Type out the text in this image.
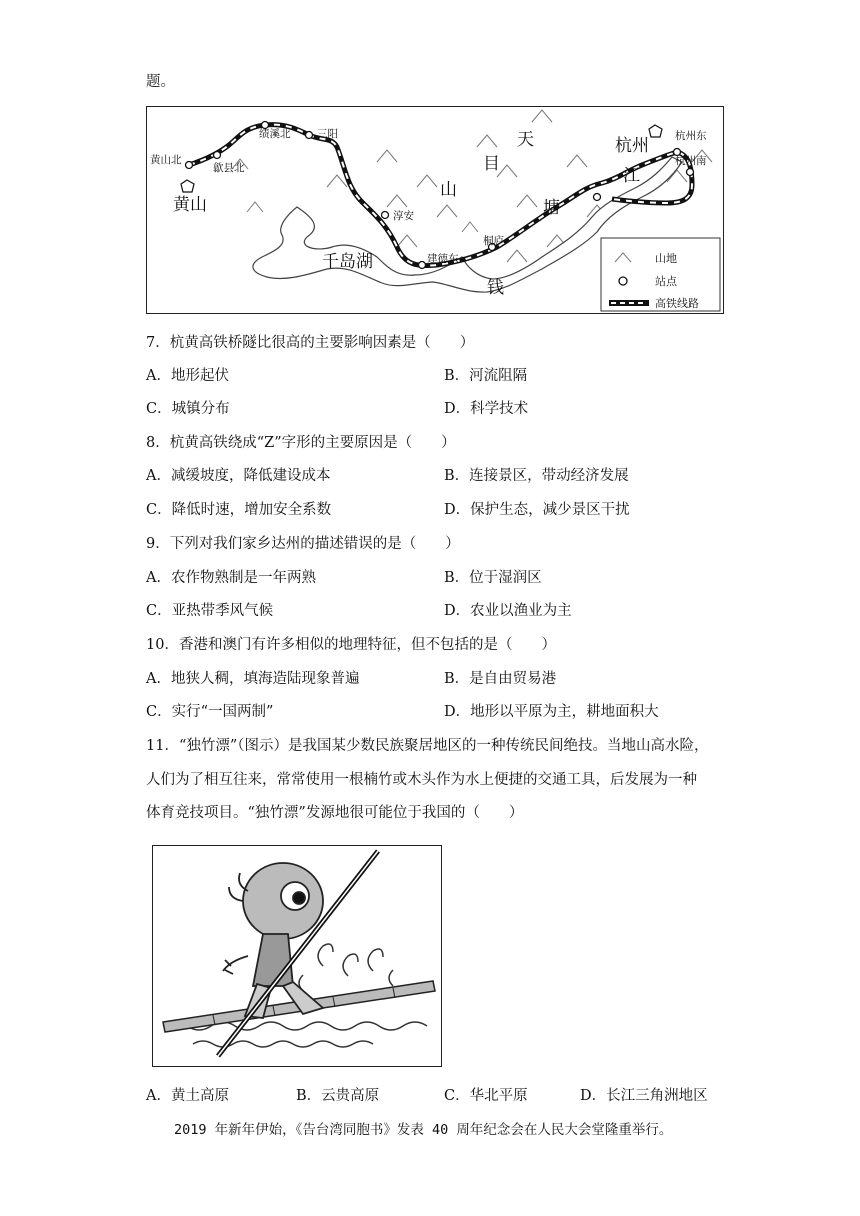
题。
黄山北
歙县北
绩溪北	三阳
淳安
建德东
桐庐
杭州东
杭州南
黄山
千岛湖
杭州
天
目
山
钱
塘
江
山地
站点
高铁线路
7．杭黄高铁桥隧比很高的主要影响因素是（　　）
A．地形起伏	B．河流阻隔
C．城镇分布	D．科学技术
8．杭黄高铁绕成“Z”字形的主要原因是（　　）
A．减缓坡度，降低建设成本	B．连接景区，带动经济发展
C．降低时速，增加安全系数	D．保护生态，减少景区干扰
9．下列对我们家乡达州的描述错误的是（　　）
A．农作物熟制是一年两熟	B．位于湿润区
C．亚热带季风气候	D．农业以渔业为主
10．香港和澳门有许多相似的地理特征，但不包括的是（　　）
A．地狭人稠，填海造陆现象普遍	B．是自由贸易港
C．实行“一国两制”	D．地形以平原为主，耕地面积大
11．“独竹漂”（图示）是我国某少数民族聚居地区的一种传统民间绝技。当地山高水险，
人们为了相互往来，常常使用一根楠竹或木头作为水上便捷的交通工具，后发展为一种
体育竞技项目。“独竹漂”发源地很可能位于我国的（　　）
A．黄土高原	B．云贵高原	C．华北平原	D．长江三角洲地区
2019 年新年伊始，《告台湾同胞书》发表 40 周年纪念会在人民大会堂隆重举行。
